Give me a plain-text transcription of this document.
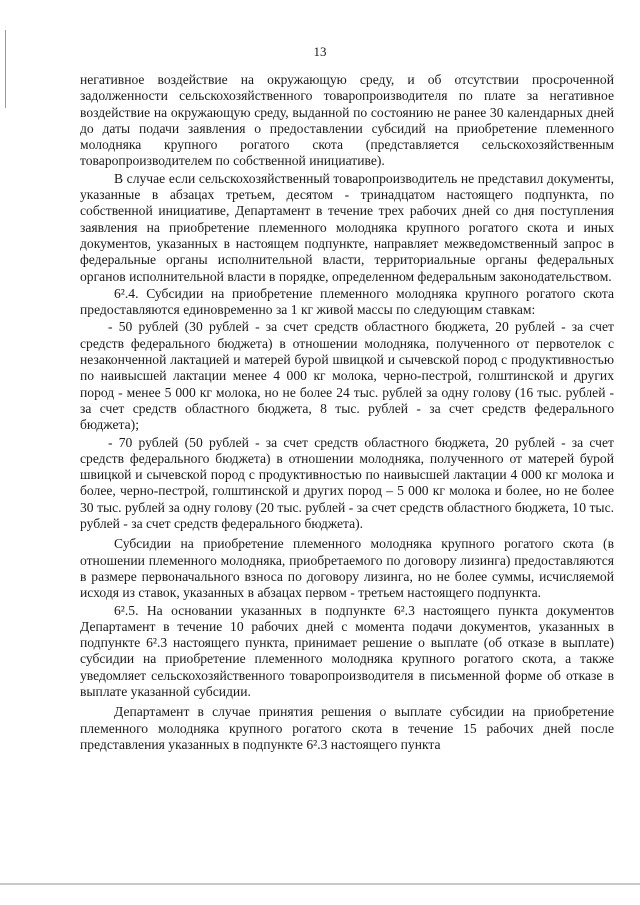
13

негативное воздействие на окружающую среду, и об отсутствии просроченной задолженности сельскохозяйственного товаропроизводителя по плате за негативное воздействие на окружающую среду, выданной по состоянию не ранее 30 календарных дней до даты подачи заявления о предоставлении субсидий на приобретение племенного молодняка крупного рогатого скота (представляется сельскохозяйственным товаропроизводителем по собственной инициативе).

В случае если сельскохозяйственный товаропроизводитель не представил документы, указанные в абзацах третьем, десятом - тринадцатом настоящего подпункта, по собственной инициативе, Департамент в течение трех рабочих дней со дня поступления заявления на приобретение племенного молодняка крупного рогатого скота и иных документов, указанных в настоящем подпункте, направляет межведомственный запрос в федеральные органы исполнительной власти, территориальные органы федеральных органов исполнительной власти в порядке, определенном федеральным законодательством.

6².4. Субсидии на приобретение племенного молодняка крупного рогатого скота предоставляются единовременно за 1 кг живой массы по следующим ставкам:

- 50 рублей (30 рублей - за счет средств областного бюджета, 20 рублей - за счет средств федерального бюджета) в отношении молодняка, полученного от первотелок с незаконченной лактацией и матерей бурой швицкой и сычевской пород с продуктивностью по наивысшей лактации менее 4 000 кг молока, черно-пестрой, голштинской и других пород - менее 5 000 кг молока, но не более 24 тыс. рублей за одну голову (16 тыс. рублей - за счет средств областного бюджета, 8 тыс. рублей - за счет средств федерального бюджета);

- 70 рублей (50 рублей - за счет средств областного бюджета, 20 рублей - за счет средств федерального бюджета) в отношении молодняка, полученного от матерей бурой швицкой и сычевской пород с продуктивностью по наивысшей лактации 4 000 кг молока и более, черно-пестрой, голштинской и других пород – 5 000 кг молока и более, но не более 30 тыс. рублей за одну голову (20 тыс. рублей - за счет средств областного бюджета, 10 тыс. рублей - за счет средств федерального бюджета).

Субсидии на приобретение племенного молодняка крупного рогатого скота (в отношении племенного молодняка, приобретаемого по договору лизинга) предоставляются в размере первоначального взноса по договору лизинга, но не более суммы, исчисляемой исходя из ставок, указанных в абзацах первом - третьем настоящего подпункта.

6².5. На основании указанных в подпункте 6².3 настоящего пункта документов Департамент в течение 10 рабочих дней с момента подачи документов, указанных в подпункте 6².3 настоящего пункта, принимает решение о выплате (об отказе в выплате) субсидии на приобретение племенного молодняка крупного рогатого скота, а также уведомляет сельскохозяйственного товаропроизводителя в письменной форме об отказе в выплате указанной субсидии.

Департамент в случае принятия решения о выплате субсидии на приобретение племенного молодняка крупного рогатого скота в течение 15 рабочих дней после представления указанных в подпункте 6².3 настоящего пункта
